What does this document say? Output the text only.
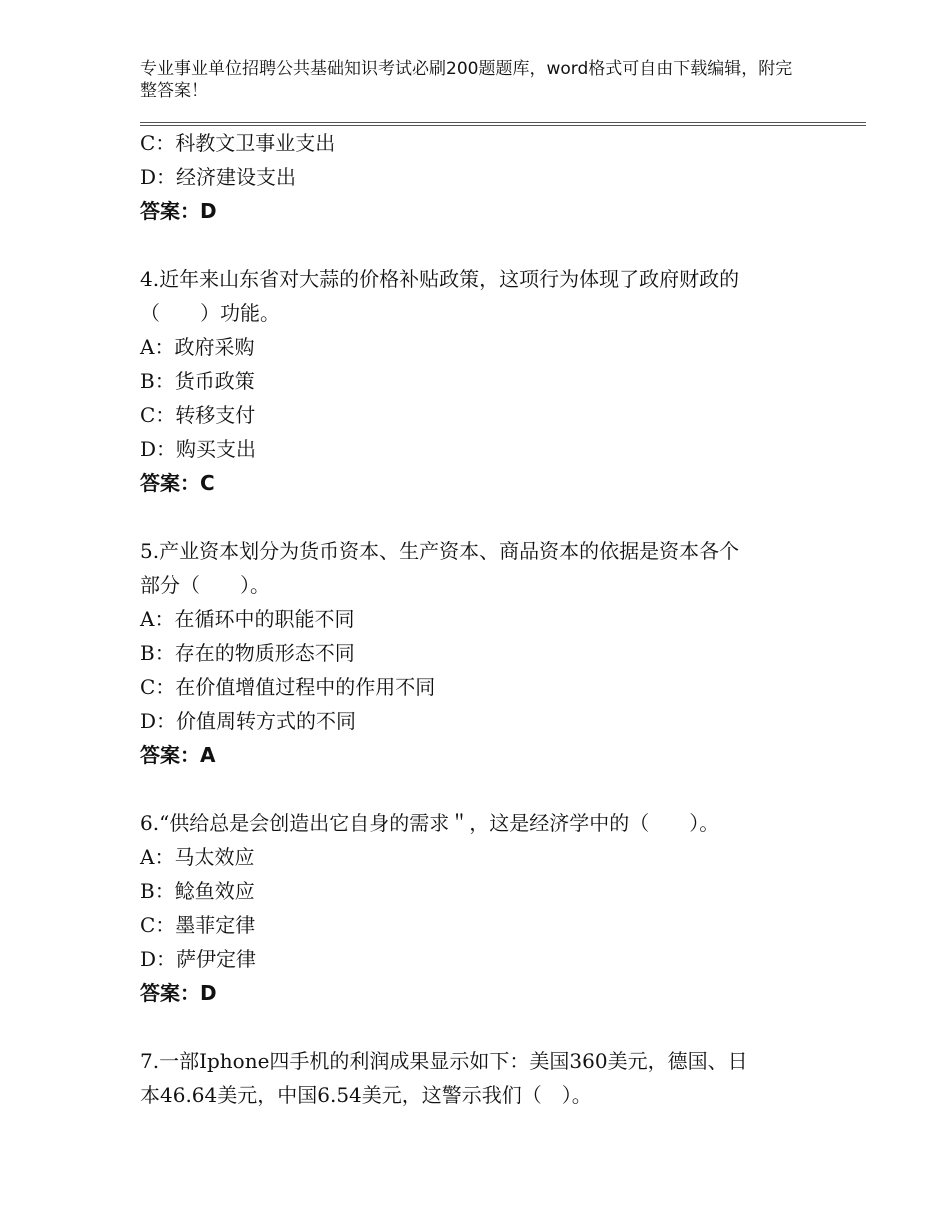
专业事业单位招聘公共基础知识考试必刷200题题库，word格式可自由下载编辑，附完整答案！
C：科教文卫事业支出
D：经济建设支出
答案：D
4.近年来山东省对大蒜的价格补贴政策，这项行为体现了政府财政的
（　　）功能。
A：政府采购
B：货币政策
C：转移支付
D：购买支出
答案：C
5.产业资本划分为货币资本、生产资本、商品资本的依据是资本各个
部分（　　）。
A：在循环中的职能不同
B：存在的物质形态不同
C：在价值增值过程中的作用不同
D：价值周转方式的不同
答案：A
6.“供给总是会创造出它自身的需求＂，这是经济学中的（　　）。
A：马太效应
B：鲶鱼效应
C：墨菲定律
D：萨伊定律
答案：D
7.一部Iphone四手机的利润成果显示如下：美国360美元，德国、日
本46.64美元，中国6.54美元，这警示我们（　）。
